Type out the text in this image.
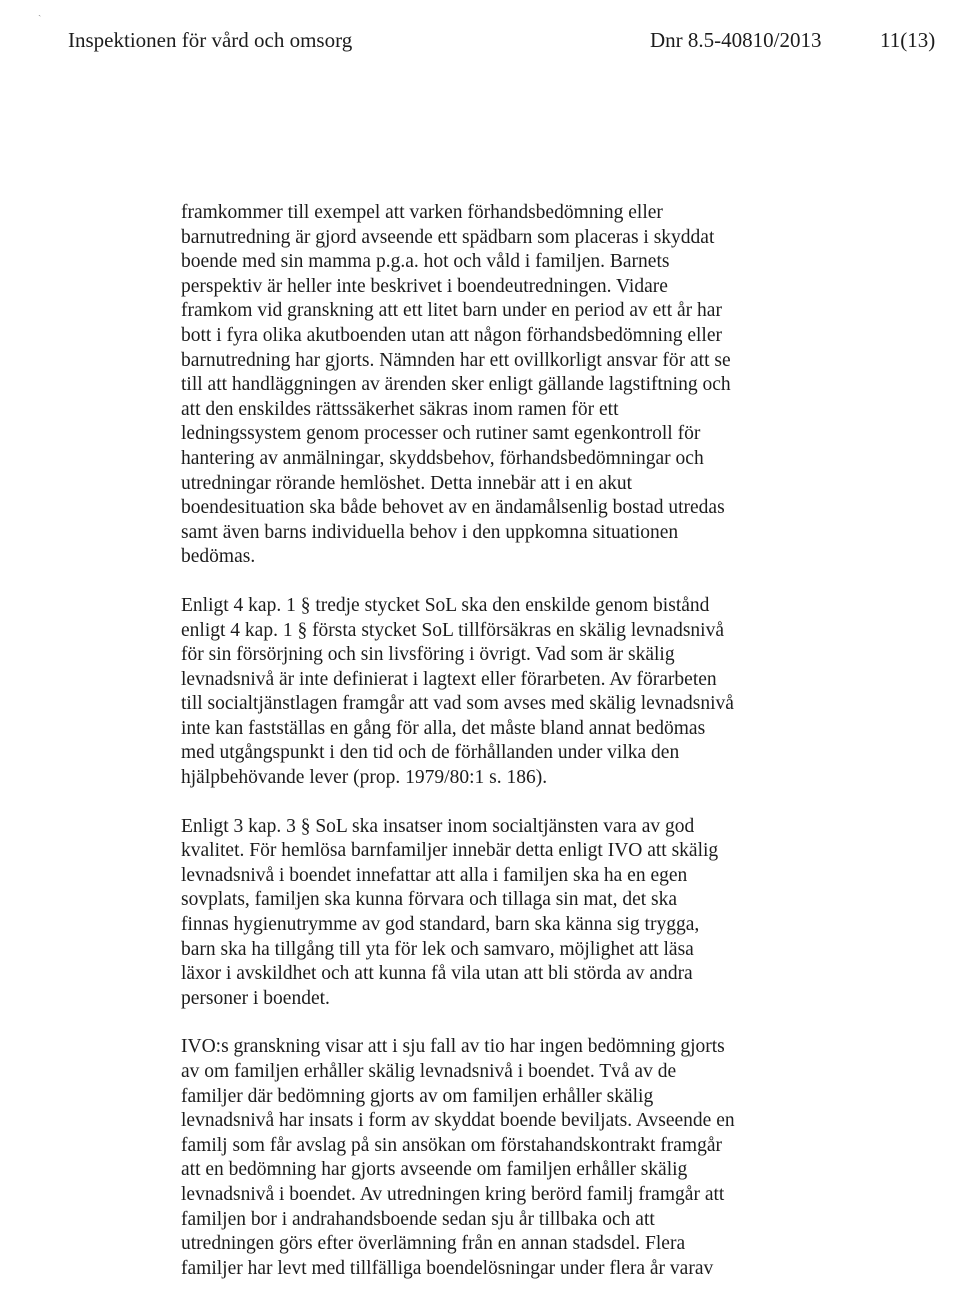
ˎ
Inspektionen för vård och omsorg	Dnr 8.5-40810/2013	11(13)
framkommer till exempel att varken förhandsbedömning eller
barnutredning är gjord avseende ett spädbarn som placeras i skyddat
boende med sin mamma p.g.a. hot och våld i familjen. Barnets
perspektiv är heller inte beskrivet i boendeutredningen. Vidare
framkom vid granskning att ett litet barn under en period av ett år har
bott i fyra olika akutboenden utan att någon förhandsbedömning eller
barnutredning har gjorts. Nämnden har ett ovillkorligt ansvar för att se
till att handläggningen av ärenden sker enligt gällande lagstiftning och
att den enskildes rättssäkerhet säkras inom ramen för ett
ledningssystem genom processer och rutiner samt egenkontroll för
hantering av anmälningar, skyddsbehov, förhandsbedömningar och
utredningar rörande hemlöshet. Detta innebär att i en akut
boendesituation ska både behovet av en ändamålsenlig bostad utredas
samt även barns individuella behov i den uppkomna situationen
bedömas.
Enligt 4 kap. 1 § tredje stycket SoL ska den enskilde genom bistånd
enligt 4 kap. 1 § första stycket SoL tillförsäkras en skälig levnadsnivå
för sin försörjning och sin livsföring i övrigt. Vad som är skälig
levnadsnivå är inte definierat i lagtext eller förarbeten. Av förarbeten
till socialtjänstlagen framgår att vad som avses med skälig levnadsnivå
inte kan fastställas en gång för alla, det måste bland annat bedömas
med utgångspunkt i den tid och de förhållanden under vilka den
hjälpbehövande lever (prop. 1979/80:1 s. 186).
Enligt 3 kap. 3 § SoL ska insatser inom socialtjänsten vara av god
kvalitet. För hemlösa barnfamiljer innebär detta enligt IVO att skälig
levnadsnivå i boendet innefattar att alla i familjen ska ha en egen
sovplats, familjen ska kunna förvara och tillaga sin mat, det ska
finnas hygienutrymme av god standard, barn ska känna sig trygga,
barn ska ha tillgång till yta för lek och samvaro, möjlighet att läsa
läxor i avskildhet och att kunna få vila utan att bli störda av andra
personer i boendet.
IVO:s granskning visar att i sju fall av tio har ingen bedömning gjorts
av om familjen erhåller skälig levnadsnivå i boendet. Två av de
familjer där bedömning gjorts av om familjen erhåller skälig
levnadsnivå har insats i form av skyddat boende beviljats. Avseende en
familj som får avslag på sin ansökan om förstahandskontrakt framgår
att en bedömning har gjorts avseende om familjen erhåller skälig
levnadsnivå i boendet. Av utredningen kring berörd familj framgår att
familjen bor i andrahandsboende sedan sju år tillbaka och att
utredningen görs efter överlämning från en annan stadsdel. Flera
familjer har levt med tillfälliga boendelösningar under flera år varav
